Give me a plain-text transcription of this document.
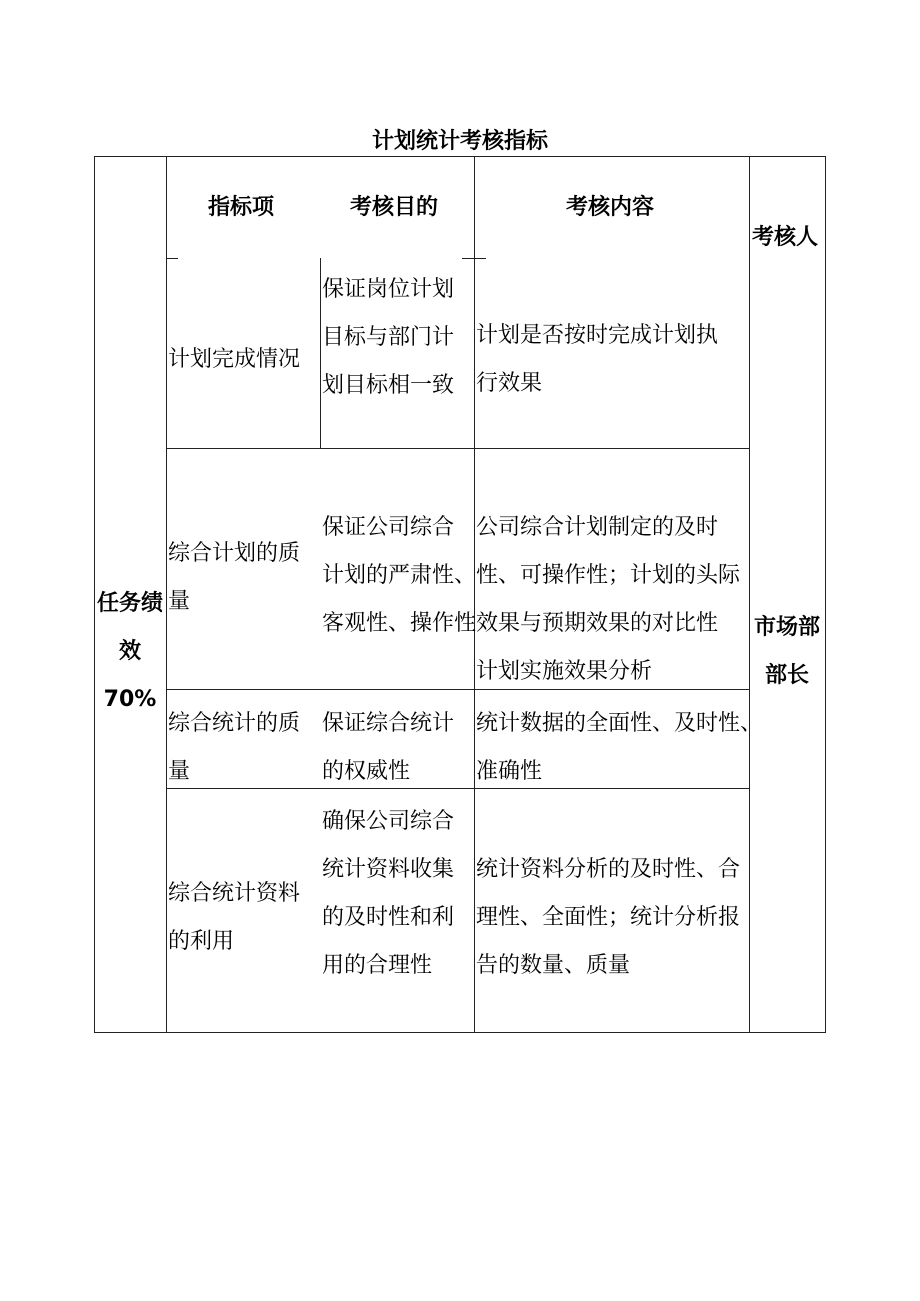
计划统计考核指标
指标项	考核目的	考核内容
考核人
任务绩
效
70%
市场部
部长
计划完成情况
保证岗位计划
目标与部门计
划目标相一致
计划是否按时完成计划执
行效果
综合计划的质
量
保证公司综合
计划的严肃性、
客观性、操作性
公司综合计划制定的及时
性、可操作性；计划的头际
效果与预期效果的对比性
计划实施效果分析
综合统计的质
量
保证综合统计
的权威性
统计数据的全面性、及时性、
准确性
综合统计资料
的利用
确保公司综合
统计资料收集
的及时性和利
用的合理性
统计资料分析的及时性、合
理性、全面性；统计分析报
告的数量、质量
